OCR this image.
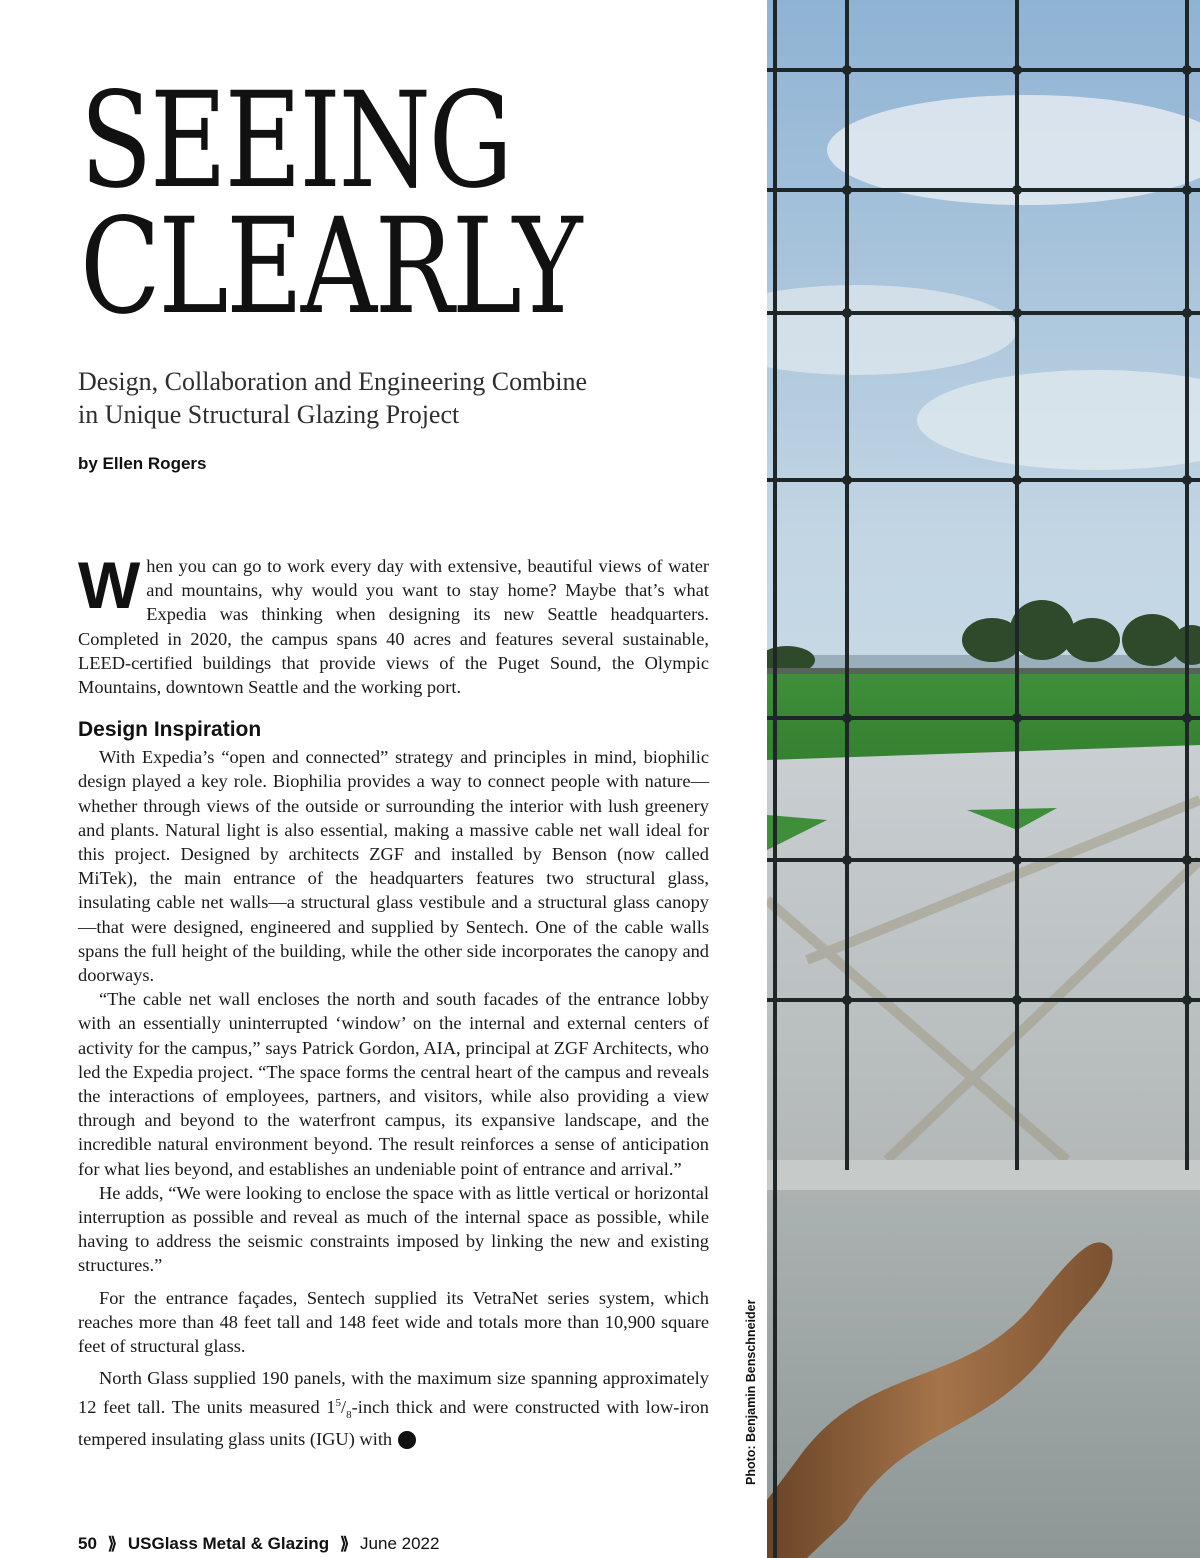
SEEING
CLEARLY
Design, Collaboration and Engineering Combine
in Unique Structural Glazing Project
by Ellen Rogers

When you can go to work every day with extensive, beautiful views of water and mountains, why would you want to stay home? Maybe that’s what Expedia was thinking when designing its new Seattle headquarters. Completed in 2020, the campus spans 40 acres and features several sustainable, LEED-certified buildings that provide views of the Puget Sound, the Olympic Mountains, downtown Seattle and the working port.

Design Inspiration

With Expedia’s “open and connected” strategy and principles in mind, biophilic design played a key role. Biophilia provides a way to connect people with nature—whether through views of the outside or surrounding the interior with lush greenery and plants. Natural light is also essential, making a massive cable net wall ideal for this project. Designed by architects ZGF and installed by Benson (now called MiTek), the main entrance of the headquarters features two structural glass, insulating cable net walls—a structural glass vestibule and a structural glass canopy—that were designed, engineered and supplied by Sentech. One of the cable walls spans the full height of the building, while the other side incorporates the canopy and doorways.

“The cable net wall encloses the north and south facades of the entrance lobby with an essentially uninterrupted ‘window’ on the internal and external centers of activity for the campus,” says Patrick Gordon, AIA, principal at ZGF Architects, who led the Expedia project. “The space forms the central heart of the campus and reveals the interactions of employees, partners, and visitors, while also providing a view through and beyond to the waterfront campus, its expansive landscape, and the incredible natural environment beyond. The result reinforces a sense of anticipation for what lies beyond, and establishes an undeniable point of entrance and arrival.”

He adds, “We were looking to enclose the space with as little vertical or horizontal interruption as possible and reveal as much of the internal space as possible, while having to address the seismic constraints imposed by linking the new and existing structures.”

For the entrance façades, Sentech supplied its VetraNet series system, which reaches more than 48 feet tall and 148 feet wide and totals more than 10,900 square feet of structural glass.

North Glass supplied 190 panels, with the maximum size spanning approximately 12 feet tall. The units measured $1^5/_8$-inch thick and were constructed with low-iron tempered insulating glass units (IGU) with ➜	Photo: Benjamin Benschneider
50 ⟫ USGlass Metal & Glazing ⟫ June 2022
